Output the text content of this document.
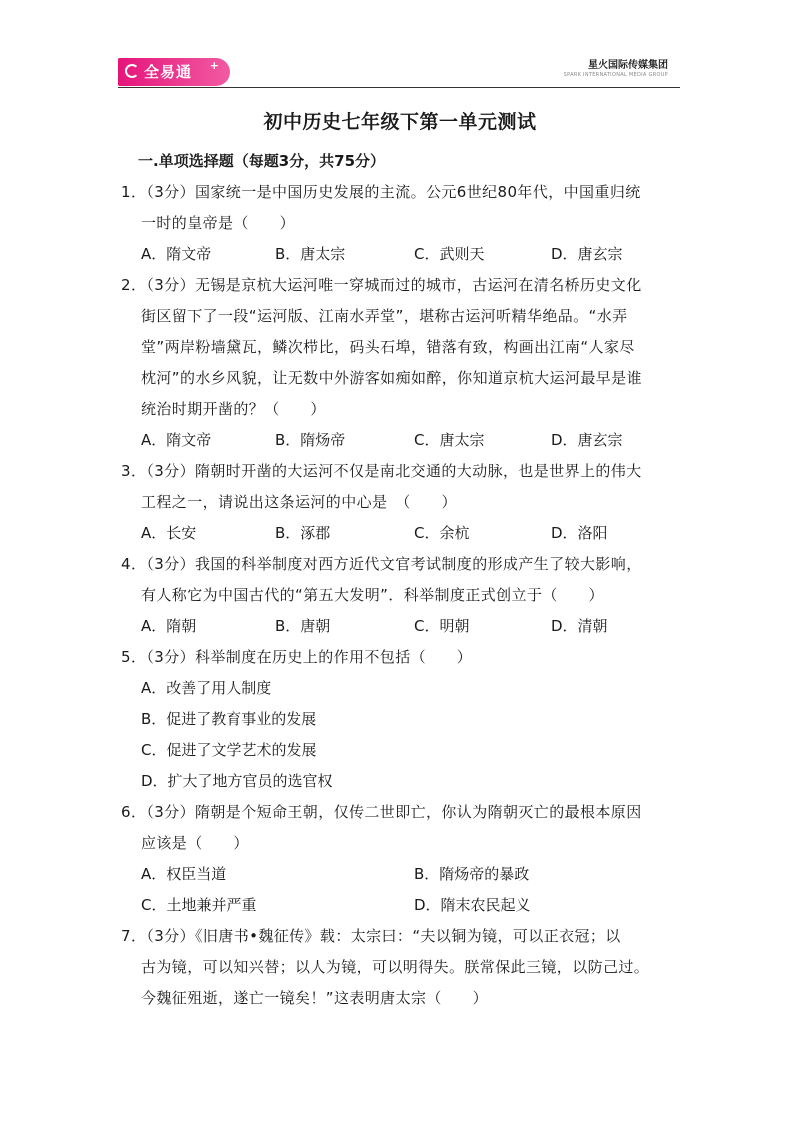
全易通 +	星火国际传媒集团
SPARK INTERNATIONAL MEDIA GROUP
初中历史七年级下第一单元测试
一.单项选择题（每题3分，共75分）
1．（3分）国家统一是中国历史发展的主流。公元6世纪80年代，中国重归统
一时的皇帝是（　　）
A．隋文帝	B．唐太宗	C．武则天	D．唐玄宗
2．（3分）无锡是京杭大运河唯一穿城而过的城市，古运河在清名桥历史文化
街区留下了一段“运河版、江南水弄堂”，堪称古运河听精华绝品。“水弄
堂”两岸粉墙黛瓦，鳞次栉比，码头石埠，错落有致，构画出江南“人家尽
枕河”的水乡风貌，让无数中外游客如痴如醉，你知道京杭大运河最早是谁
统治时期开凿的？（　　）
A．隋文帝	B．隋炀帝	C．唐太宗	D．唐玄宗
3．（3分）隋朝时开凿的大运河不仅是南北交通的大动脉，也是世界上的伟大
工程之一，请说出这条运河的中心是　（　　）
A．长安	B．涿郡	C．余杭	D．洛阳
4．（3分）我国的科举制度对西方近代文官考试制度的形成产生了较大影响，
有人称它为中国古代的“第五大发明”．科举制度正式创立于（　　）
A．隋朝	B．唐朝	C．明朝	D．清朝
5．（3分）科举制度在历史上的作用不包括（　　）
A．改善了用人制度
B．促进了教育事业的发展
C．促进了文学艺术的发展
D．扩大了地方官员的选官权
6．（3分）隋朝是个短命王朝，仅传二世即亡，你认为隋朝灭亡的最根本原因
应该是（　　）
A．权臣当道	B．隋炀帝的暴政
C．土地兼并严重	D．隋末农民起义
7．（3分）《旧唐书•魏征传》载：太宗曰：“夫以铜为镜，可以正衣冠；以
古为镜，可以知兴替；以人为镜，可以明得失。朕常保此三镜，以防己过。
今魏征殂逝，遂亡一镜矣！”这表明唐太宗（　　）
